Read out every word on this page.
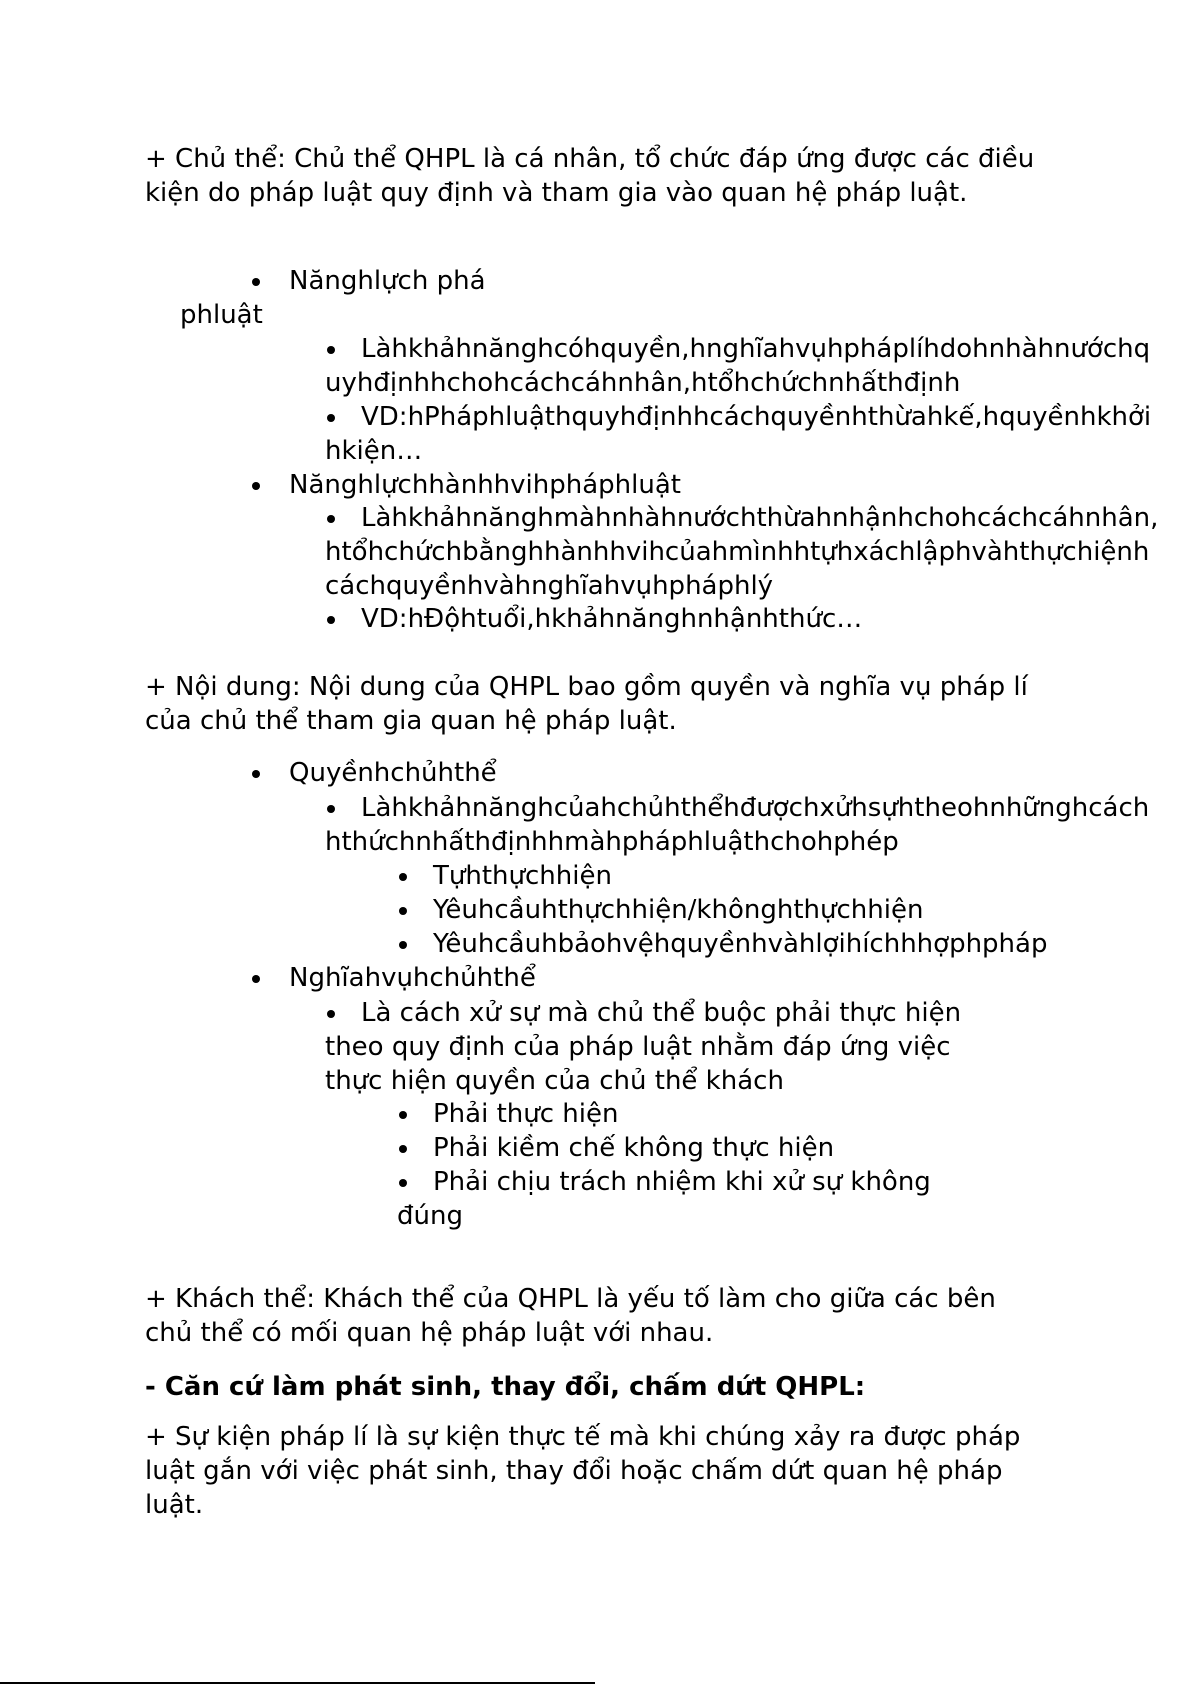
+ Chủ thể: Chủ thể QHPL là cá nhân, tổ chức đáp ứng được các điều kiện do pháp luật quy định và tham gia vào quan hệ pháp luật.

Nănghlựch pháphluật
Làhkhảhnănghcóhquyền,hnghĩahvụhpháplíhdohnhàhnướchquyhđịnhhchohcáchcáhnhân,htổhchứchnhấthđịnh
VD:hPháphluậthquyhđịnhhcáchquyềnhthừahkế,hquyềnhkhởihkiện…
Nănghlựchhànhhvihpháphluật
Làhkhảhnănghmàhnhàhnướchthừahnhậnhchohcáchcáhnhân,htổhchứchbằnghhànhhvihcủahmìnhhtựhxáchlậphvàhthựchiệnhcáchquyềnhvàhnghĩahvụhpháphlý
VD:hĐộhtuổi,hkhảhnănghnhậnhthức…

+ Nội dung: Nội dung của QHPL bao gồm quyền và nghĩa vụ pháp lí của chủ thể tham gia quan hệ pháp luật.

Quyềnhchủhthể
Làhkhảhnănghcủahchủhthểhđượchxửhsựhtheohnhữnghcáchhthứchnhấthđịnhhmàhpháphluậthchohphép
Tựhthựchhiện
Yêuhcầuhthựchhiện/khônghthựchhiện
Yêuhcầuhbảohvệhquyềnhvàhlợihíchhhợphpháp
Nghĩahvụhchủhthể
Là cách xử sự mà chủ thể buộc phải thực hiện theo quy định của pháp luật nhằm đáp ứng việc thực hiện quyền của chủ thể khách
Phải thực hiện
Phải kiềm chế không thực hiện
Phải chịu trách nhiệm khi xử sự không đúng

+ Khách thể: Khách thể của QHPL là yếu tố làm cho giữa các bên chủ thể có mối quan hệ pháp luật với nhau.

- Căn cứ làm phát sinh, thay đổi, chấm dứt QHPL:

+ Sự kiện pháp lí là sự kiện thực tế mà khi chúng xảy ra được pháp luật gắn với việc phát sinh, thay đổi hoặc chấm dứt quan hệ pháp luật.
